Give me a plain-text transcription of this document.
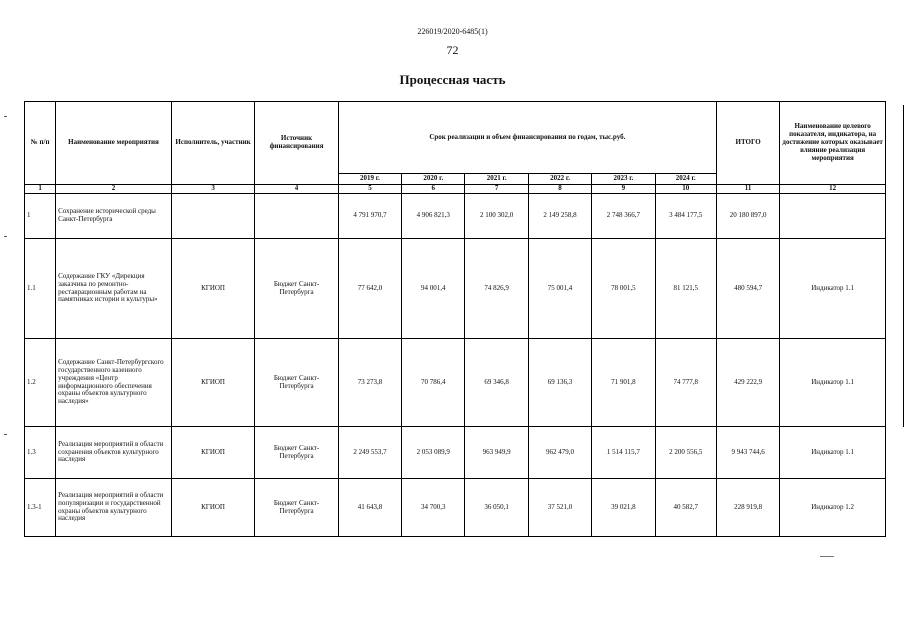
226019/2020-6485(1)
72
Процессная часть
№ п/п	Наименование мероприятия	Исполнитель, участник	Источник финансирования	Срок реализации и объем финансирования по годам, тыс.руб.						ИТОГО	Наименование целевого показателя, индикатора, на достижение которых оказывает влияние реализация мероприятия
				2019 г.	2020 г.	2021 г.	2022 г.	2023 г.	2024 г.		
1	2	3	4	5	6	7	8	9	10	11	12
1	Сохранение исторической среды Санкт-Петербурга			4 791 970,7	4 906 821,3	2 100 302,0	2 149 258,8	2 748 366,7	3 484 177,5	20 180 897,0	
1.1	Содержание ГКУ «Дирекция заказчика по ремонтно-реставрационным работам на памятниках истории и культуры»	КГИОП	Бюджет Санкт-Петербурга	77 642,0	94 001,4	74 826,9	75 001,4	78 001,5	81 121,5	480 594,7	Индикатор 1.1
1.2	Содержание Санкт-Петербургского государственного казенного учреждения «Центр информационного обеспечения охраны объектов культурного наследия»	КГИОП	Бюджет Санкт-Петербурга	73 273,8	70 786,4	69 346,8	69 136,3	71 901,8	74 777,8	429 222,9	Индикатор 1.1
1.3	Реализация мероприятий в области сохранения объектов культурного наследия	КГИОП	Бюджет Санкт-Петербурга	2 249 553,7	2 053 089,9	963 949,9	962 479,0	1 514 115,7	2 200 556,5	9 943 744,6	Индикатор 1.1
1.3-1	Реализация мероприятий в области популяризации и государственной охраны объектов культурного наследия	КГИОП	Бюджет Санкт-Петербурга	41 643,8	34 700,3	36 050,1	37 521,0	39 021,8	40 582,7	228 919,8	Индикатор 1.2
